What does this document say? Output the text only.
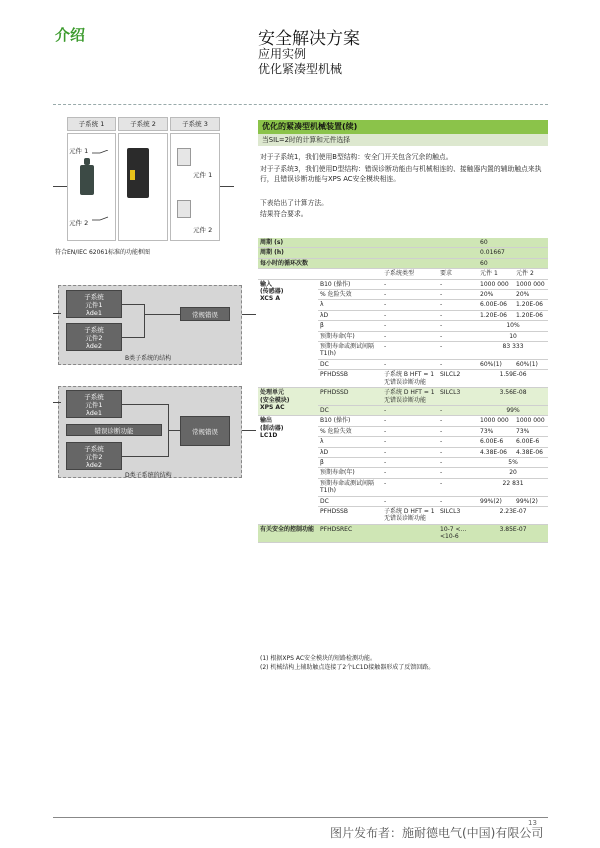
介绍	安全解决方案
应用实例
优化紧凑型机械
子系统 1	子系统 2	子系统 3
元件 1
元件 2
元件 1
元件 2
符合EN/IEC 62061标准的功能框图
子系统
元件1
λde1
子系统
元件2
λde2
常规错误
B类子系统的结构
子系统
元件1
λde1
错误诊断功能
子系统
元件2
λde2
常规错误
D类子系统的结构
优化的紧凑型机械装置(续)
当SIL=2时的计算和元件选择
对于子系统1，我们使用B型结构：安全门开关包含冗余的触点。
对于子系统3，我们使用D型结构：错误诊断功能由与机械相连的、接触器内置的辅助触点来执行，且错误诊断功能与XPS AC安全模块相连。
下表给出了计算方法。
结果符合要求。
周期 (s)				60	
周期 (h)				0.01667	
每小时的循环次数				60	
		子系统类型	要求	元件 1	元件 2
输入
(传感器)
XCS A	B10 (操作)	-	-	1000 000	1000 000
	% 危险失效	-	-	20%	20%
	λ	-	-	6.00E-06	1.20E-06
	λD	-	-	1.20E-06	1.20E-06
	β	-	-	10%	
	预期寿命(年)	-	-	10	
	预期寿命或测试间隔T1(h)	-	-	83 333	
	DC	-	-	60%(1)	60%(1)
	PFHDSSB	子系统 B HFT = 1 无错误诊断功能	SILCL2	1.59E-06	
处理单元
(安全模块)
XPS AC	PFHDSSD	子系统 D HFT = 1 无错误诊断功能	SILCL3	3.56E-08	
	DC	-	-	99%	
输出
(制动器)
LC1D	B10 (操作)	-	-	1000 000	1000 000
	% 危险失效	-	-	73%	73%
	λ	-	-	6.00E-6	6.00E-6
	λD	-	-	4.38E-06	4.38E-06
	β	-	-	5%	
	预期寿命(年)	-	-	20	
	预期寿命或测试间隔T1(h)	-	-	22 831	
	DC	-	-	99%(2)	99%(2)
	PFHDSSB	子系统 D HFT = 1 无错误诊断功能	SILCL3	2.23E-07	
有关安全的控制功能	PFHDSREC		10-7 <...<10-6	3.85E-07	
(1) 根据XPS AC安全模块的短路检测功能。
(2) 机械结构上辅助触点连接了2个LC1D接触器形成了反馈回路。
13
图片发布者：施耐德电气(中国)有限公司
